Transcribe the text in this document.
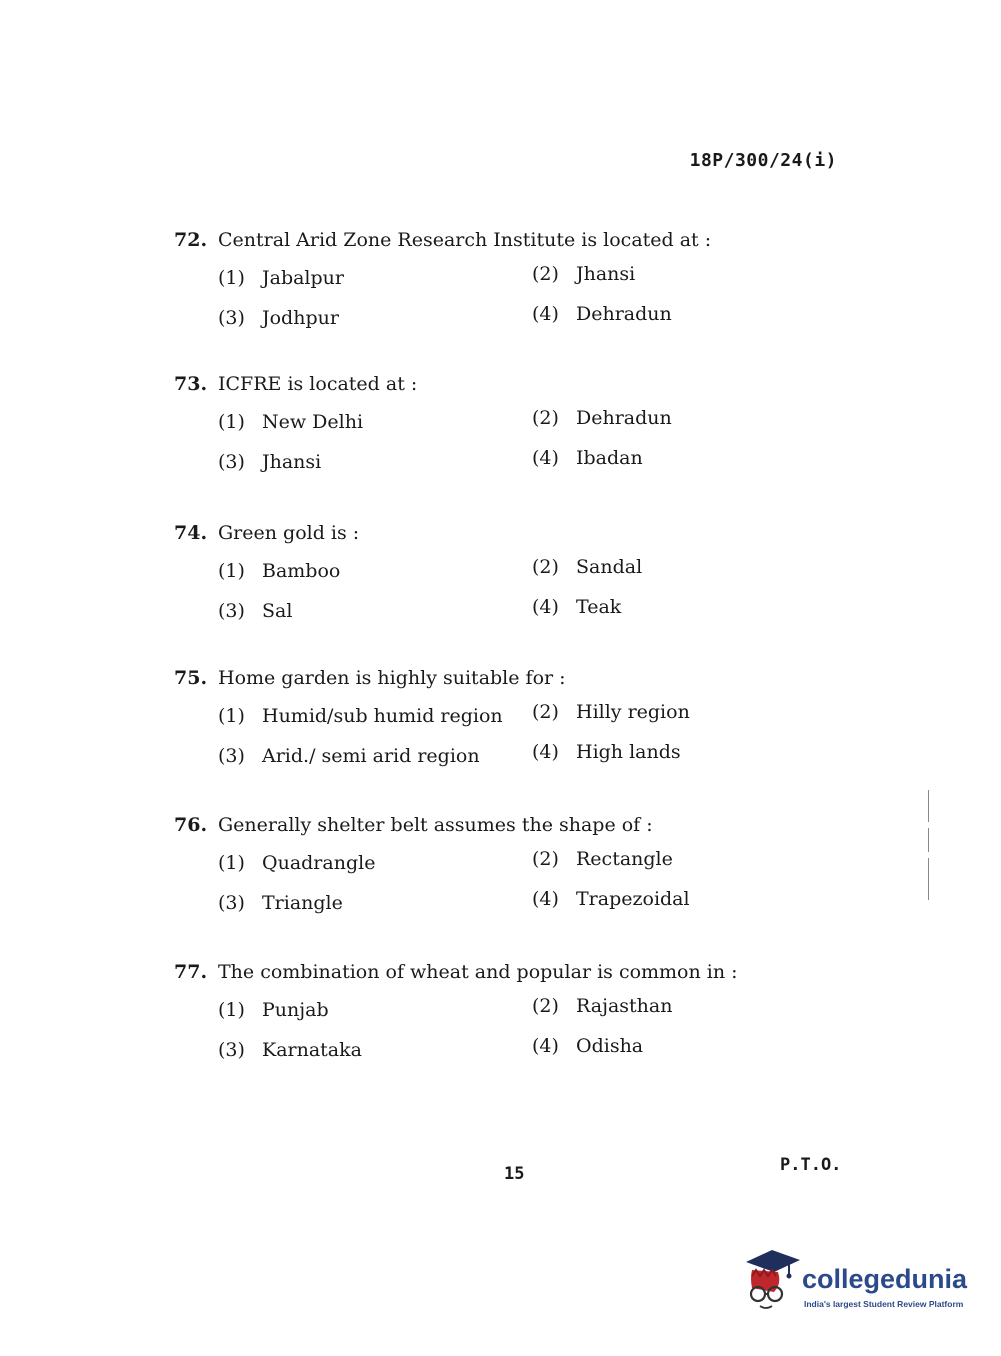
18P/300/24(i)
72. Central Arid Zone Research Institute is located at :
(1) Jabalpur	(2) Jhansi
(3) Jodhpur	(4) Dehradun
73. ICFRE is located at :
(1) New Delhi	(2) Dehradun
(3) Jhansi	(4) Ibadan
74. Green gold is :
(1) Bamboo	(2) Sandal
(3) Sal	(4) Teak
75. Home garden is highly suitable for :
(1) Humid/sub humid region (2) Hilly region
(3) Arid./ semi arid region	(4) High lands
76. Generally shelter belt assumes the shape of :
(1) Quadrangle	(2) Rectangle
(3) Triangle	(4) Trapezoidal
77. The combination of wheat and popular is common in :
(1) Punjab	(2) Rajasthan
(3) Karnataka	(4) Odisha
15	P.T.O.
collegedunia
India's largest Student Review Platform
